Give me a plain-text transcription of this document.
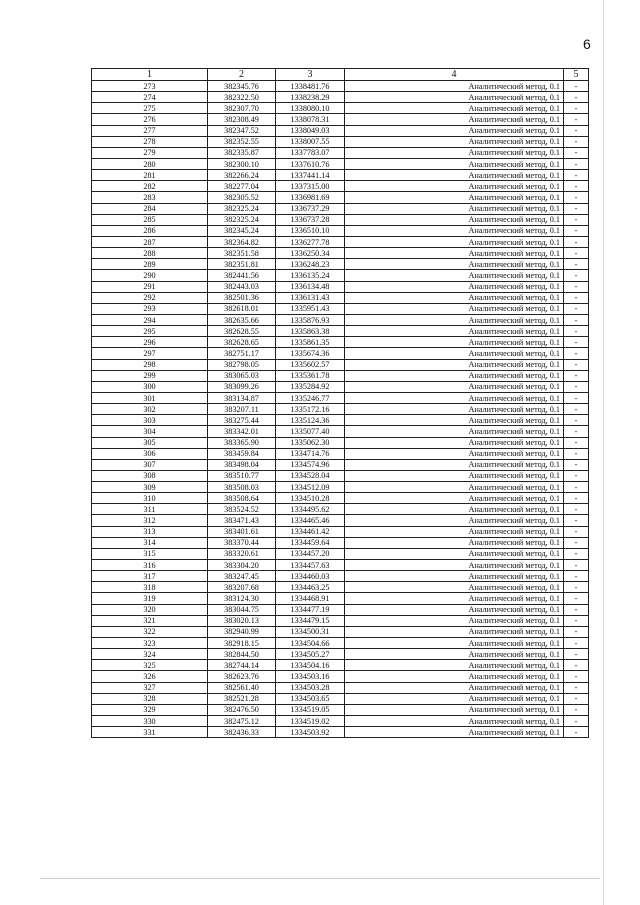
6
1	2	3	4	5
273	382345.76	1338481.76	Аналитический метод, 0.1	-
274	382322.50	1338238.29	Аналитический метод, 0.1	-
275	382307.70	1338080.10	Аналитический метод, 0.1	-
276	382308.49	1338078.31	Аналитический метод, 0.1	-
277	382347.52	1338049.03	Аналитический метод, 0.1	-
278	382352.55	1338007.55	Аналитический метод, 0.1	-
279	382335.87	1337783.07	Аналитический метод, 0.1	-
280	382300.10	1337610.76	Аналитический метод, 0.1	-
281	382266.24	1337441.14	Аналитический метод, 0.1	-
282	382277.04	1337315.00	Аналитический метод, 0.1	-
283	382305.52	1336981.69	Аналитический метод, 0.1	-
284	382325.24	1336737.29	Аналитический метод, 0.1	-
285	382325.24	1336737.28	Аналитический метод, 0.1	-
286	382345.24	1336510.10	Аналитический метод, 0.1	-
287	382364.82	1336277.78	Аналитический метод, 0.1	-
288	382351.58	1336250.34	Аналитический метод, 0.1	-
289	382351.81	1336248.23	Аналитический метод, 0.1	-
290	382441.56	1336135.24	Аналитический метод, 0.1	-
291	382443.03	1336134.48	Аналитический метод, 0.1	-
292	382501.36	1336131.43	Аналитический метод, 0.1	-
293	382618.01	1335951.43	Аналитический метод, 0.1	-
294	382635.66	1335876.93	Аналитический метод, 0.1	-
295	382628.55	1335863.38	Аналитический метод, 0.1	-
296	382628.65	1335861.35	Аналитический метод, 0.1	-
297	382751.17	1335674.36	Аналитический метод, 0.1	-
298	382798.05	1335602.57	Аналитический метод, 0.1	-
299	383065.03	1335361.78	Аналитический метод, 0.1	-
300	383099.26	1335284.92	Аналитический метод, 0.1	-
301	383134.87	1335246.77	Аналитический метод, 0.1	-
302	383207.11	1335172.16	Аналитический метод, 0.1	-
303	383275.44	1335124.36	Аналитический метод, 0.1	-
304	383342.01	1335077.40	Аналитический метод, 0.1	-
305	383365.90	1335062.30	Аналитический метод, 0.1	-
306	383459.84	1334714.76	Аналитический метод, 0.1	-
307	383498.04	1334574.96	Аналитический метод, 0.1	-
308	383510.77	1334528.04	Аналитический метод, 0.1	-
309	383508.03	1334512.09	Аналитический метод, 0.1	-
310	383508.64	1334510.28	Аналитический метод, 0.1	-
311	383524.52	1334495.62	Аналитический метод, 0.1	-
312	383471.43	1334465.46	Аналитический метод, 0.1	-
313	383401.61	1334461.42	Аналитический метод, 0.1	-
314	383370.44	1334459.64	Аналитический метод, 0.1	-
315	383320.61	1334457.20	Аналитический метод, 0.1	-
316	383304.20	1334457.63	Аналитический метод, 0.1	-
317	383247.45	1334460.03	Аналитический метод, 0.1	-
318	383207.68	1334463.25	Аналитический метод, 0.1	-
319	383124.30	1334468.91	Аналитический метод, 0.1	-
320	383044.75	1334477.19	Аналитический метод, 0.1	-
321	383020.13	1334479.15	Аналитический метод, 0.1	-
322	382940.99	1334500.31	Аналитический метод, 0.1	-
323	382918.15	1334504.66	Аналитический метод, 0.1	-
324	382844.50	1334505.27	Аналитический метод, 0.1	-
325	382744.14	1334504.16	Аналитический метод, 0.1	-
326	382623.76	1334503.16	Аналитический метод, 0.1	-
327	382561.40	1334503.28	Аналитический метод, 0.1	-
328	382521.28	1334503.65	Аналитический метод, 0.1	-
329	382476.50	1334519.05	Аналитический метод, 0.1	-
330	382475.12	1334519.02	Аналитический метод, 0.1	-
331	382436.33	1334503.92	Аналитический метод, 0.1	-
